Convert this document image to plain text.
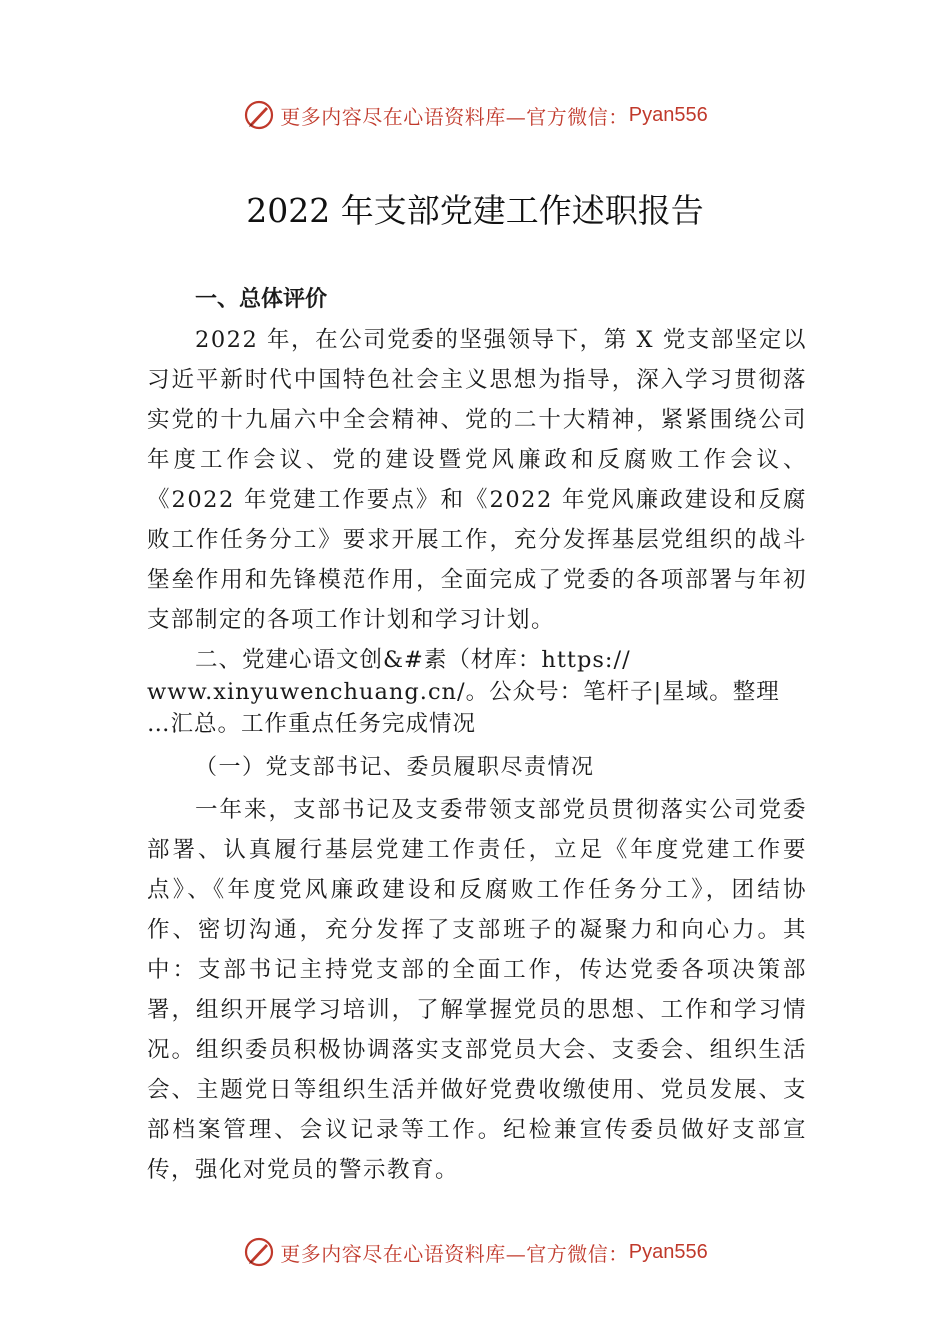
更多内容尽在心语资料库—官方微信： Pyan556
2022 年支部党建工作述职报告

一、总体评价

2022 年，在公司党委的坚强领导下，第 X 党支部坚定以习近平新时代中国特色社会主义思想为指导，深入学习贯彻落实党的十九届六中全会精神、党的二十大精神，紧紧围绕公司年度工作会议、党的建设暨党风廉政和反腐败工作会议、《2022 年党建工作要点》和《2022 年党风廉政建设和反腐败工作任务分工》要求开展工作，充分发挥基层党组织的战斗堡垒作用和先锋模范作用，全面完成了党委的各项部署与年初支部制定的各项工作计划和学习计划。

二、党建心语文创&#素（材库：https://
www.xinyuwenchuang.cn/。公众号：笔杆子|星域。整理
…汇总。工作重点任务完成情况

（一）党支部书记、委员履职尽责情况

一年来，支部书记及支委带领支部党员贯彻落实公司党委部署、认真履行基层党建工作责任，立足《年度党建工作要点》、《年度党风廉政建设和反腐败工作任务分工》，团结协作、密切沟通，充分发挥了支部班子的凝聚力和向心力。其中：支部书记主持党支部的全面工作，传达党委各项决策部署，组织开展学习培训，了解掌握党员的思想、工作和学习情况。组织委员积极协调落实支部党员大会、支委会、组织生活会、主题党日等组织生活并做好党费收缴使用、党员发展、支部档案管理、会议记录等工作。纪检兼宣传委员做好支部宣传，强化对党员的警示教育。

更多内容尽在心语资料库—官方微信： Pyan556
